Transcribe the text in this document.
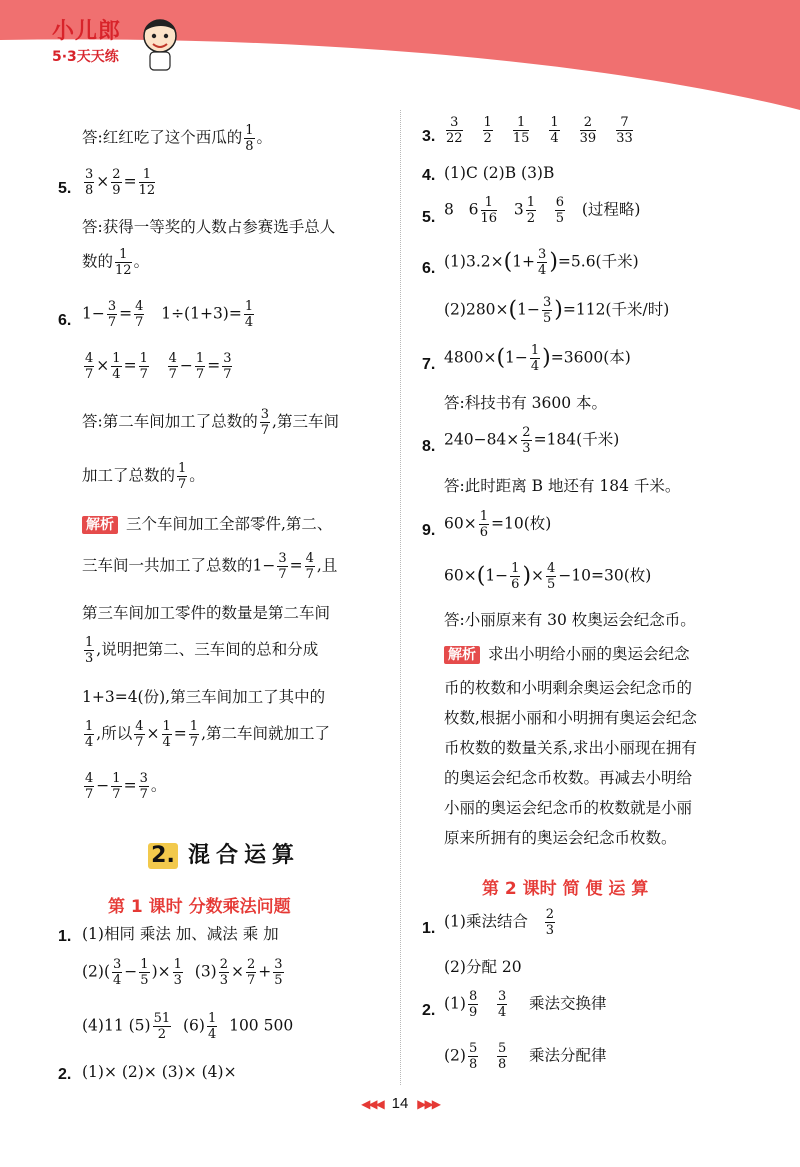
小儿郎
5·3天天练
答:红红吃了这个西瓜的 $\frac{1}{8}$ 。
5. $\frac{3}{8} \times \frac{2}{9} = \frac{1}{12}$
答:获得一等奖的人数占参赛选手总人
数的 $\frac{1}{12}$ 。
6. $1- \frac{3}{7} = \frac{4}{7} 1\div(1+3)= \frac{1}{4}$
$\frac{4}{7} \times \frac{1}{4} = \frac{1}{7}$
$\frac{4}{7} - \frac{1}{7} = \frac{3}{7}$
答:第二车间加工了总数的 $\frac{3}{7}$ ,第三车间
加工了总数的 $\frac{1}{7}$ 。
解析 三个车间加工全部零件,第二、
三车间一共加工了总数的$1- \frac{3}{7} = \frac{4}{7}$ ,且
第三车间加工零件的数量是第二车间
$\frac{1}{3}$ ,说明把第二、三车间的总和分成
1+3=4(份),第三车间加工了其中的
$\frac{1}{4}$ ,所以 $\frac{4}{7} \times \frac{1}{4} = \frac{1}{7}$ ,第二车间就加工了
$\frac{4}{7} - \frac{1}{7} = \frac{3}{7}$ 。
2. 混合运算
第 1 课时 分数乘法问题
1. (1)相同 乘法 加、减法 乘 加
$(2)( \frac{3}{4} - \frac{1}{5}$ )× $\frac{1}{3} (3) \frac{2}{3} \times \frac{2}{7} + \frac{3}{5}$
(4)11 $(5) \frac{51}{2} (6) \frac{1}{4} 100$ 500
2. (1)× (2)× (3)× (4)×
3. $\frac{3}{22} \frac{1}{2} \frac{1}{15} \frac{1}{4} \frac{2}{39} \frac{7}{33}$
4. (1)C (2)B (3)B
5. 8 $6 \frac{1}{16} 3 \frac{1}{2}$
$\frac{6}{5}$ (过程略)
6. $(1)3.2\times(1+ \frac{3}{4} )=5.6$(千米)
$(2)280\times(1- \frac{3}{5} )=112$(千米/时)
7. $4800\times(1- \frac{1}{4} )=3600$(本)
答:科技书有 3600 本。
8. $240-84\times \frac{2}{3} =184$(千米)
答:此时距离 B 地还有 184 千米。
9. $60\times \frac{1}{6} =10$(枚)
$60\times(1- \frac{1}{6}$ )× $\frac{4}{5} -10=30$(枚)
答:小丽原来有 30 枚奥运会纪念币。
解析 求出小明给小丽的奥运会纪念
币的枚数和小明剩余奥运会纪念币的
枚数,根据小丽和小明拥有奥运会纪念
币枚数的数量关系,求出小丽现在拥有
的奥运会纪念币枚数。再减去小明给
小丽的奥运会纪念币的枚数就是小丽
原来所拥有的奥运会纪念币枚数。
第 2 课时 简 便 运 算
1. (1)乘法结合 $\frac{2}{3}$
(2)分配 20
2. $(1) \frac{8}{9}$
$\frac{3}{4}$ 乘法交换律
$(2) \frac{5}{8}$
$\frac{5}{8}$ 乘法分配律
◀◀◀ 14 ▶▶▶
